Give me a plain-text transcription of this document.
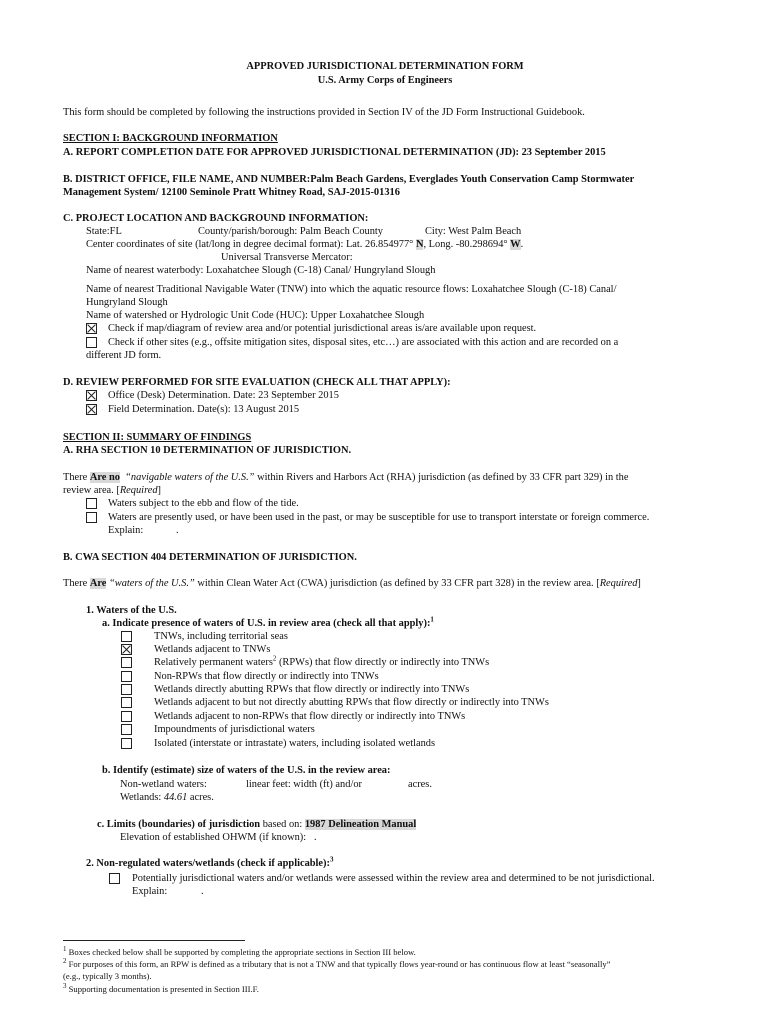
APPROVED JURISDICTIONAL DETERMINATION FORM
U.S. Army Corps of Engineers
This form should be completed by following the instructions provided in Section IV of the JD Form Instructional Guidebook.
SECTION I: BACKGROUND INFORMATION
A. REPORT COMPLETION DATE FOR APPROVED JURISDICTIONAL DETERMINATION (JD): 23 September 2015
B. DISTRICT OFFICE, FILE NAME, AND NUMBER:Palm Beach Gardens, Everglades Youth Conservation Camp Stormwater
Management System/ 12100 Seminole Pratt Whitney Road, SAJ-2015-01316
C. PROJECT LOCATION AND BACKGROUND INFORMATION:
State:FL	County/parish/borough: Palm Beach County	City: West Palm Beach
Center coordinates of site (lat/long in degree decimal format): Lat. 26.854977° N, Long. -80.298694° W.
Universal Transverse Mercator:
Name of nearest waterbody: Loxahatchee Slough (C-18) Canal/ Hungryland Slough
Name of nearest Traditional Navigable Water (TNW) into which the aquatic resource flows: Loxahatchee Slough (C-18) Canal/
Hungryland Slough
Name of watershed or Hydrologic Unit Code (HUC): Upper Loxahatchee Slough
Check if map/diagram of review area and/or potential jurisdictional areas is/are available upon request.
Check if other sites (e.g., offsite mitigation sites, disposal sites, etc…) are associated with this action and are recorded on a
different JD form.
D. REVIEW PERFORMED FOR SITE EVALUATION (CHECK ALL THAT APPLY):
Office (Desk) Determination. Date: 23 September 2015
Field Determination. Date(s): 13 August 2015
SECTION II: SUMMARY OF FINDINGS
A. RHA SECTION 10 DETERMINATION OF JURISDICTION.
There Are no “navigable waters of the U.S.” within Rivers and Harbors Act (RHA) jurisdiction (as defined by 33 CFR part 329) in the
review area. [Required]
Waters subject to the ebb and flow of the tide.
Waters are presently used, or have been used in the past, or may be susceptible for use to transport interstate or foreign commerce.
Explain:	.
B. CWA SECTION 404 DETERMINATION OF JURISDICTION.
There Are “waters of the U.S.” within Clean Water Act (CWA) jurisdiction (as defined by 33 CFR part 328) in the review area. [Required]
1. Waters of the U.S.
a. Indicate presence of waters of U.S. in review area (check all that apply):$^1$
TNWs, including territorial seas
Wetlands adjacent to TNWs
Relatively permanent waters$^2$ (RPWs) that flow directly or indirectly into TNWs
Non-RPWs that flow directly or indirectly into TNWs
Wetlands directly abutting RPWs that flow directly or indirectly into TNWs
Wetlands adjacent to but not directly abutting RPWs that flow directly or indirectly into TNWs
Wetlands adjacent to non-RPWs that flow directly or indirectly into TNWs
Impoundments of jurisdictional waters
Isolated (interstate or intrastate) waters, including isolated wetlands
b. Identify (estimate) size of waters of the U.S. in the review area:
Non-wetland waters:	linear feet: width (ft) and/or	acres.
Wetlands: 44.61 acres.
c. Limits (boundaries) of jurisdiction based on: 1987 Delineation Manual
Elevation of established OHWM (if known): .
2. Non-regulated waters/wetlands (check if applicable):$^3$
Potentially jurisdictional waters and/or wetlands were assessed within the review area and determined to be not jurisdictional.
Explain:	.
$^1$ Boxes checked below shall be supported by completing the appropriate sections in Section III below.
$^2$ For purposes of this form, an RPW is defined as a tributary that is not a TNW and that typically flows year-round or has continuous flow at least “seasonally”
(e.g., typically 3 months).
$^3$ Supporting documentation is presented in Section III.F.
